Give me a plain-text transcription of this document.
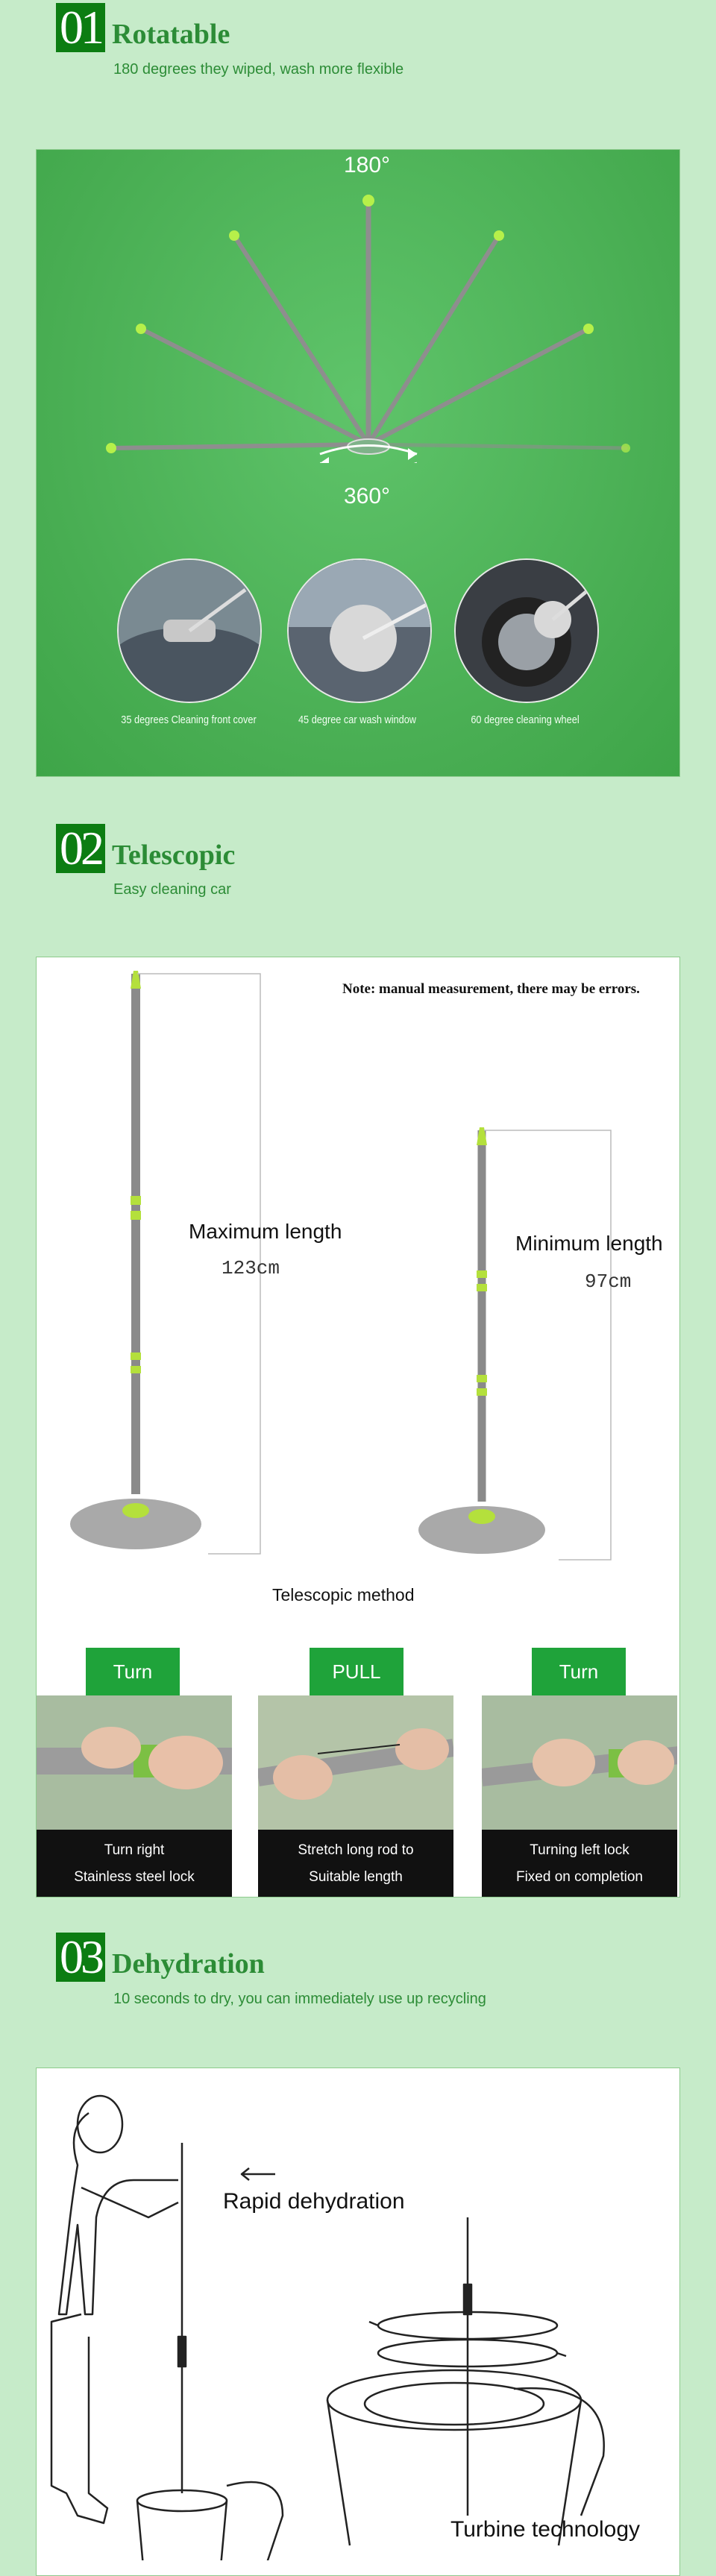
01 Rotatable
180 degrees they wiped, wash more flexible
180°
360°
35 degrees Cleaning front cover	45 degree car wash window	60 degree cleaning wheel
02 Telescopic
Easy cleaning car
Note: manual measurement, there may be errors.
Maximum length
123cm
Minimum length
97cm
Telescopic method
Turn	PULL	Turn
Turn right
Stainless steel lock
Stretch long rod to
Suitable length
Turning left lock
Fixed on completion
03 Dehydration
10 seconds to dry, you can immediately use up recycling
Rapid dehydration
Turbine technology
